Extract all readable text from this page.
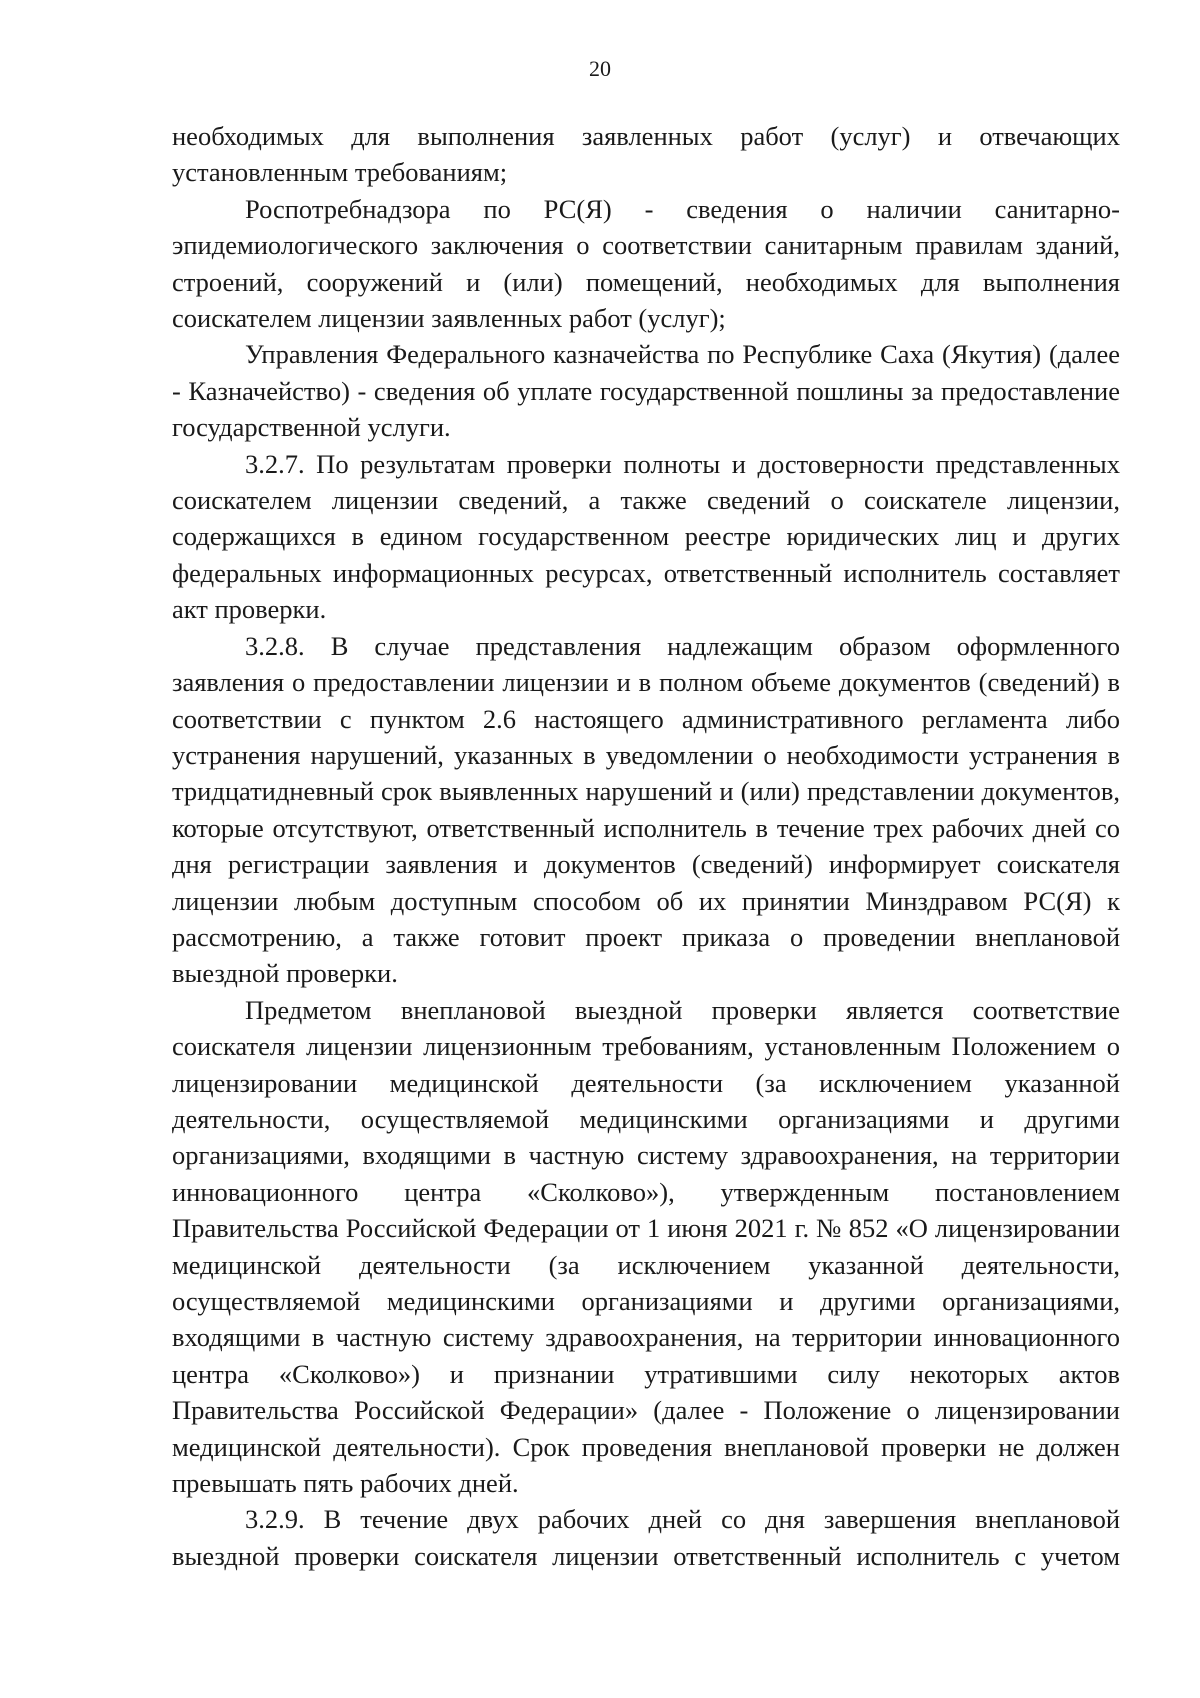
20

необходимых для выполнения заявленных работ (услуг) и отвечающих установленным требованиям;

Роспотребнадзора по РС(Я) - сведения о наличии санитарно-эпидемиологического заключения о соответствии санитарным правилам зданий, строений, сооружений и (или) помещений, необходимых для выполнения соискателем лицензии заявленных работ (услуг);

Управления Федерального казначейства по Республике Саха (Якутия) (далее - Казначейство) - сведения об уплате государственной пошлины за предоставление государственной услуги.

3.2.7. По результатам проверки полноты и достоверности представленных соискателем лицензии сведений, а также сведений о соискателе лицензии, содержащихся в едином государственном реестре юридических лиц и других федеральных информационных ресурсах, ответственный исполнитель составляет акт проверки.

3.2.8. В случае представления надлежащим образом оформленного заявления о предоставлении лицензии и в полном объеме документов (сведений) в соответствии с пунктом 2.6 настоящего административного регламента либо устранения нарушений, указанных в уведомлении о необходимости устранения в тридцатидневный срок выявленных нарушений и (или) представлении документов, которые отсутствуют, ответственный исполнитель в течение трех рабочих дней со дня регистрации заявления и документов (сведений) информирует соискателя лицензии любым доступным способом об их принятии Минздравом РС(Я) к рассмотрению, а также готовит проект приказа о проведении внеплановой выездной проверки.

Предметом внеплановой выездной проверки является соответствие соискателя лицензии лицензионным требованиям, установленным Положением о лицензировании медицинской деятельности (за исключением указанной деятельности, осуществляемой медицинскими организациями и другими организациями, входящими в частную систему здравоохранения, на территории инновационного центра «Сколково»), утвержденным постановлением Правительства Российской Федерации от 1 июня 2021 г. № 852 «О лицензировании медицинской деятельности (за исключением указанной деятельности, осуществляемой медицинскими организациями и другими организациями, входящими в частную систему здравоохранения, на территории инновационного центра «Сколково») и признании утратившими силу некоторых актов Правительства Российской Федерации» (далее - Положение о лицензировании медицинской деятельности). Срок проведения внеплановой проверки не должен превышать пять рабочих дней.

3.2.9. В течение двух рабочих дней со дня завершения внеплановой выездной проверки соискателя лицензии ответственный исполнитель с учетом
